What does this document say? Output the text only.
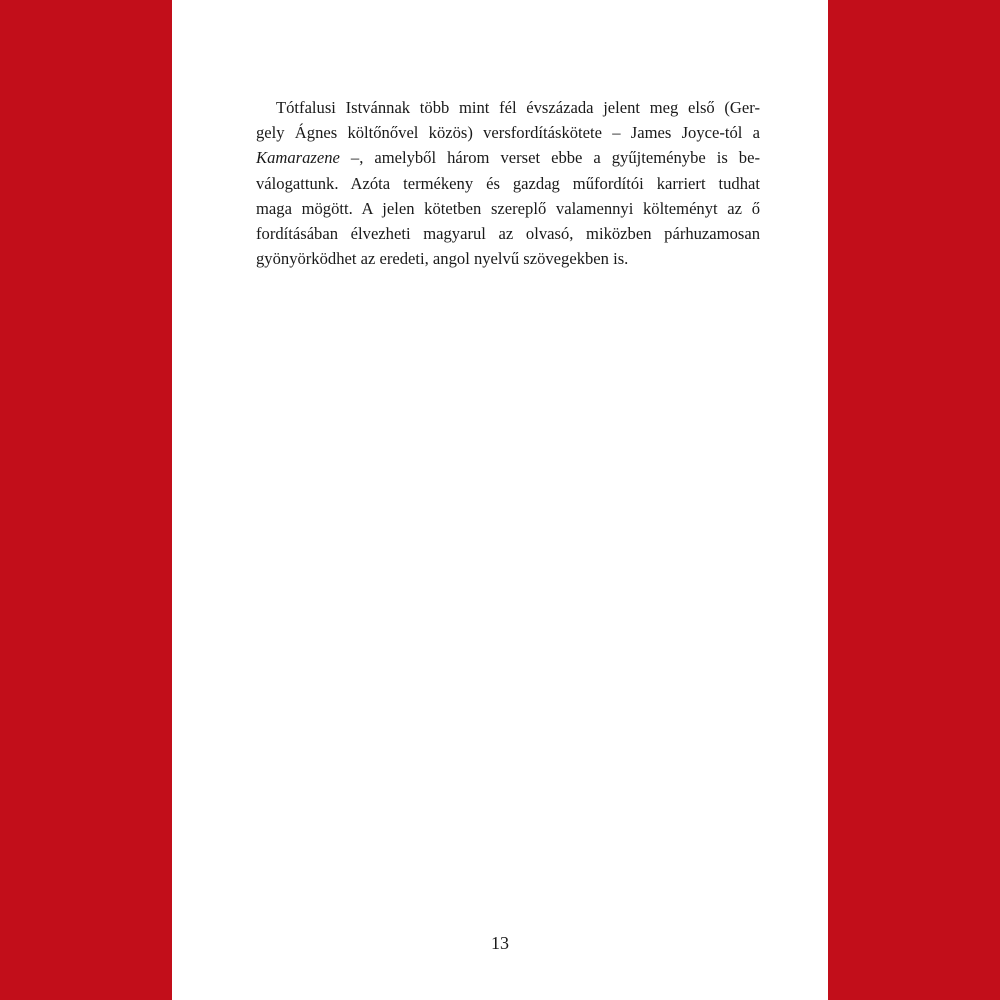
Tótfalusi Istvánnak több mint fél évszázada jelent meg első (Ger-
gely Ágnes költőnővel közös) versfordításkötete – James Joyce-tól a
Kamarazene –, amelyből három verset ebbe a gyűjteménybe is be-
válogattunk. Azóta termékeny és gazdag műfordítói karriert tudhat
maga mögött. A jelen kötetben szereplő valamennyi költeményt az ő
fordításában élvezheti magyarul az olvasó, miközben párhuzamosan
gyönyörködhet az eredeti, angol nyelvű szövegekben is.
13
